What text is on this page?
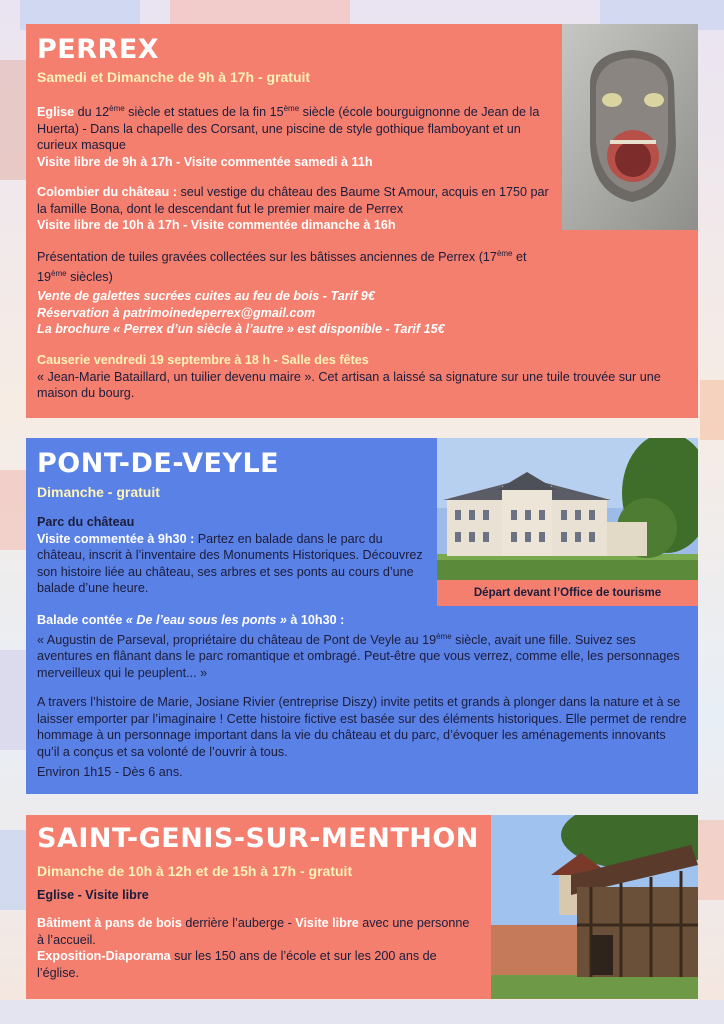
PERREX
Samedi et Dimanche de 9h à 17h - gratuit
Eglise du 12ème siècle et statues de la fin 15ème siècle (école bourguignonne de Jean de la Huerta) - Dans la chapelle des Corsant, une piscine de style gothique flamboyant et un curieux masque
Visite libre de 9h à 17h - Visite commentée samedi à 11h
Colombier du château : seul vestige du château des Baume St Amour, acquis en 1750 par la famille Bona, dont le descendant fut le premier maire de Perrex
Visite libre de 10h à 17h - Visite commentée dimanche à 16h
Présentation de tuiles gravées collectées sur les bâtisses anciennes de Perrex (17ème et 19ème siècles)
Vente de galettes sucrées cuites au feu de bois - Tarif 9€
Réservation à patrimoinedeperrex@gmail.com
La brochure « Perrex d’un siècle à l’autre » est disponible - Tarif 15€
Causerie vendredi 19 septembre à 18 h - Salle des fêtes
« Jean-Marie Bataillard, un tuilier devenu maire ». Cet artisan a laissé sa signature sur une tuile trouvée sur une maison du bourg.
PONT-DE-VEYLE
Dimanche - gratuit
Départ devant l’Office de tourisme
Parc du château
Visite commentée à 9h30 : Partez en balade dans le parc du château, inscrit à l’inventaire des Monuments Historiques. Découvrez son histoire liée au château, ses arbres et ses ponts au cours d’une balade d’une heure.
Balade contée « De l’eau sous les ponts » à 10h30 :
« Augustin de Parseval, propriétaire du château de Pont de Veyle au 19ème siècle, avait une fille. Suivez ses aventures en flânant dans le parc romantique et ombragé. Peut-être que vous verrez, comme elle, les personnages merveilleux qui le peuplent... »
A travers l’histoire de Marie, Josiane Rivier (entreprise Diszy) invite petits et grands à plonger dans la nature et à se laisser emporter par l’imaginaire ! Cette histoire fictive est basée sur des éléments historiques. Elle permet de rendre hommage à un personnage important dans la vie du château et du parc, d’évoquer les aménagements innovants qu’il a conçus et sa volonté de l’ouvrir à tous.
Environ 1h15 - Dès 6 ans.
SAINT-GENIS-SUR-MENTHON
Dimanche de 10h à 12h et de 15h à 17h - gratuit
Eglise - Visite libre
Bâtiment à pans de bois derrière l’auberge - Visite libre avec une personne à l’accueil.
Exposition-Diaporama sur les 150 ans de l’école et sur les 200 ans de l’église.
